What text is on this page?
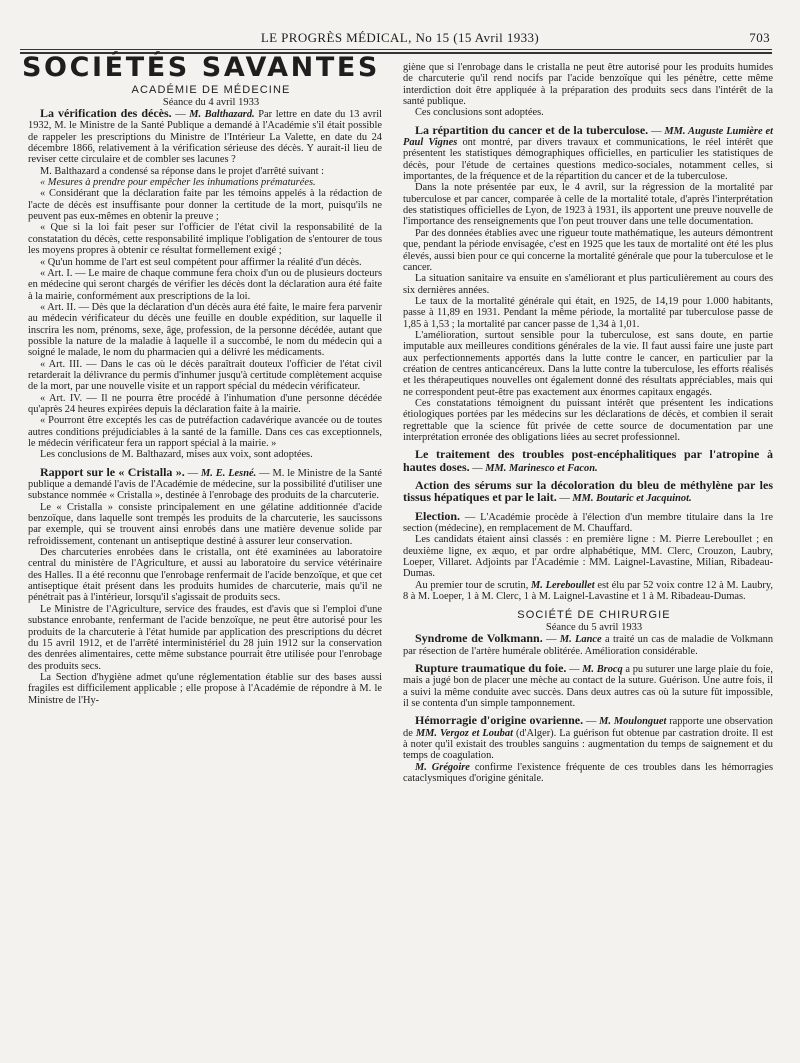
LE PROGRÈS MÉDICAL, No 15 (15 Avril 1933)	703
SOCIÉTÉS SAVANTES

ACADÉMIE DE MÉDECINE

Séance du 4 avril 1933

La vérification des décès. — M. Balthazard. Par lettre en date du 13 avril 1932, M. le Ministre de la Santé Publique a demandé à l'Académie s'il était possible de rappeler les prescriptions du Ministre de l'Intérieur La Valette, en date du 24 décembre 1866, relativement à la vérification sérieuse des décès. Y aurait-il lieu de reviser cette circulaire et de combler ses lacunes ?

M. Balthazard a condensé sa réponse dans le projet d'arrêté suivant :

« Mesures à prendre pour empêcher les inhumations prématurées.

« Considérant que la déclaration faite par les témoins appelés à la rédaction de l'acte de décès est insuffisante pour donner la certitude de la mort, puisqu'ils ne peuvent pas eux-mêmes en obtenir la preuve ;

« Que si la loi fait peser sur l'officier de l'état civil la responsabilité de la constatation du décès, cette responsabilité implique l'obligation de s'entourer de tous les moyens propres à obtenir ce résultat formellement exigé ;

« Qu'un homme de l'art est seul compétent pour affirmer la réalité d'un décès.

« Art. I. — Le maire de chaque commune fera choix d'un ou de plusieurs docteurs en médecine qui seront chargés de vérifier les décès dont la déclaration aura été faite à la mairie, conformément aux prescriptions de la loi.

« Art. II. — Dès que la déclaration d'un décès aura été faite, le maire fera parvenir au médecin vérificateur du décès une feuille en double expédition, sur laquelle il inscrira les nom, prénoms, sexe, âge, profession, de la personne décédée, autant que possible la nature de la maladie à laquelle il a succombé, le nom du médecin qui a soigné le malade, le nom du pharmacien qui a délivré les médicaments.

« Art. III. — Dans le cas où le décès paraîtrait douteux l'officier de l'état civil retarderait la délivrance du permis d'inhumer jusqu'à certitude complètement acquise de la mort, par une nouvelle visite et un rapport spécial du médecin vérificateur.

« Art. IV. — Il ne pourra être procédé à l'inhumation d'une personne décédée qu'après 24 heures expirées depuis la déclaration faite à la mairie.

« Pourront être exceptés les cas de putréfaction cadavérique avancée ou de toutes autres conditions préjudiciables à la santé de la famille. Dans ces cas exceptionnels, le médecin vérificateur fera un rapport spécial à la mairie. »

Les conclusions de M. Balthazard, mises aux voix, sont adoptées.

Rapport sur le « Cristalla ». — M. E. Lesné. — M. le Ministre de la Santé publique a demandé l'avis de l'Académie de médecine, sur la possibilité d'utiliser une substance nommée « Cristalla », destinée à l'enrobage des produits de la charcuterie.

Le « Cristalla » consiste principalement en une gélatine additionnée d'acide benzoïque, dans laquelle sont trempés les produits de la charcuterie, les saucissons par exemple, qui se trouvent ainsi enrobés dans une matière devenue solide par refroidissement, contenant un antiseptique destiné à assurer leur conservation.

Des charcuteries enrobées dans le cristalla, ont été examinées au laboratoire central du ministère de l'Agriculture, et aussi au laboratoire du service vétérinaire des Halles. Il a été reconnu que l'enrobage renfermait de l'acide benzoïque, et que cet antiseptique était présent dans les produits humides de charcuterie, mais qu'il ne pénétrait pas à l'intérieur, lorsqu'il s'agissait de produits secs.

Le Ministre de l'Agriculture, service des fraudes, est d'avis que si l'emploi d'une substance enrobante, renfermant de l'acide benzoïque, ne peut être autorisé pour les produits de la charcuterie à l'état humide par application des prescriptions du décret du 15 avril 1912, et de l'arrêté interministériel du 28 juin 1912 sur la conservation des denrées alimentaires, cette même substance pourrait être utilisée pour l'enrobage des produits secs.

La Section d'hygiène admet qu'une réglementation établie sur des bases aussi fragiles est difficilement applicable ; elle propose à l'Académie de répondre à M. le Ministre de l'Hy-

giène que si l'enrobage dans le cristalla ne peut être autorisé pour les produits humides de charcuterie qu'il rend nocifs par l'acide benzoïque qui les pénètre, cette même interdiction doit être appliquée à la préparation des produits secs dans l'intérêt de la santé publique.

Ces conclusions sont adoptées.

La répartition du cancer et de la tuberculose. — MM. Auguste Lumière et Paul Vignes ont montré, par divers travaux et communications, le réel intérêt que présentent les statistiques démographiques officielles, en particulier les statistiques de décès, pour l'étude de certaines questions medico-sociales, notamment celles, si importantes, de la fréquence et de la répartition du cancer et de la tuberculose.

Dans la note présentée par eux, le 4 avril, sur la régression de la mortalité par tuberculose et par cancer, comparée à celle de la mortalité totale, d'après l'interprétation des statistiques officielles de Lyon, de 1923 à 1931, ils apportent une preuve nouvelle de l'importance des renseignements que l'on peut trouver dans une telle documentation.

Par des données établies avec une rigueur toute mathématique, les auteurs démontrent que, pendant la période envisagée, c'est en 1925 que les taux de mortalité ont été les plus élevés, aussi bien pour ce qui concerne la mortalité générale que pour la tuberculose et le cancer.

La situation sanitaire va ensuite en s'améliorant et plus particulièrement au cours des six dernières années.

Le taux de la mortalité générale qui était, en 1925, de 14,19 pour 1.000 habitants, passe à 11,89 en 1931. Pendant la même période, la mortalité par tuberculose passe de 1,85 à 1,53 ; la mortalité par cancer passe de 1,34 à 1,01.

L'amélioration, surtout sensible pour la tuberculose, est sans doute, en partie imputable aux meilleures conditions générales de la vie. Il faut aussi faire une juste part aux perfectionnements apportés dans la lutte contre le cancer, en particulier par la création de centres anticancéreux. Dans la lutte contre la tuberculose, les efforts réalisés et les thérapeutiques nouvelles ont également donné des résultats appréciables, mais qui ne correspondent peut-être pas exactement aux énormes capitaux engagés.

Ces constatations témoignent du puissant intérêt que présentent les indications étiologiques portées par les médecins sur les déclarations de décès, et combien il serait regrettable que la science fût privée de cette source de documentation par une interprétation erronée des obligations liées au secret professionnel.

Le traitement des troubles post-encéphalitiques par l'atropine à hautes doses. — MM. Marinesco et Facon.

Action des sérums sur la décoloration du bleu de méthylène par les tissus hépatiques et par le lait. — MM. Boutaric et Jacquinot.

Election. — L'Académie procède à l'élection d'un membre titulaire dans la 1re section (médecine), en remplacement de M. Chauffard.

Les candidats étaient ainsi classés : en première ligne : M. Pierre Lereboullet ; en deuxième ligne, ex æquo, et par ordre alphabétique, MM. Clerc, Crouzon, Laubry, Loeper, Villaret. Adjoints par l'Académie : MM. Laignel-Lavastine, Milian, Ribadeau-Dumas.

Au premier tour de scrutin, M. Lereboullet est élu par 52 voix contre 12 à M. Laubry, 8 à M. Loeper, 1 à M. Clerc, 1 à M. Laignel-Lavastine et 1 à M. Ribadeau-Dumas.

SOCIÉTÉ DE CHIRURGIE

Séance du 5 avril 1933

Syndrome de Volkmann. — M. Lance a traité un cas de maladie de Volkmann par résection de l'artère humérale oblitérée. Amélioration considérable.

Rupture traumatique du foie. — M. Brocq a pu suturer une large plaie du foie, mais a jugé bon de placer une mèche au contact de la suture. Guérison. Une autre fois, il a suivi la même conduite avec succès. Dans deux autres cas où la suture fût impossible, il se contenta d'un simple tamponnement.

Hémorragie d'origine ovarienne. — M. Moulonguet rapporte une observation de MM. Vergoz et Loubat (d'Alger). La guérison fut obtenue par castration droite. Il est à noter qu'il existait des troubles sanguins : augmentation du temps de saignement et du temps de coagulation.

M. Grégoire confirme l'existence fréquente de ces troubles dans les hémorragies cataclysmiques d'origine génitale.
